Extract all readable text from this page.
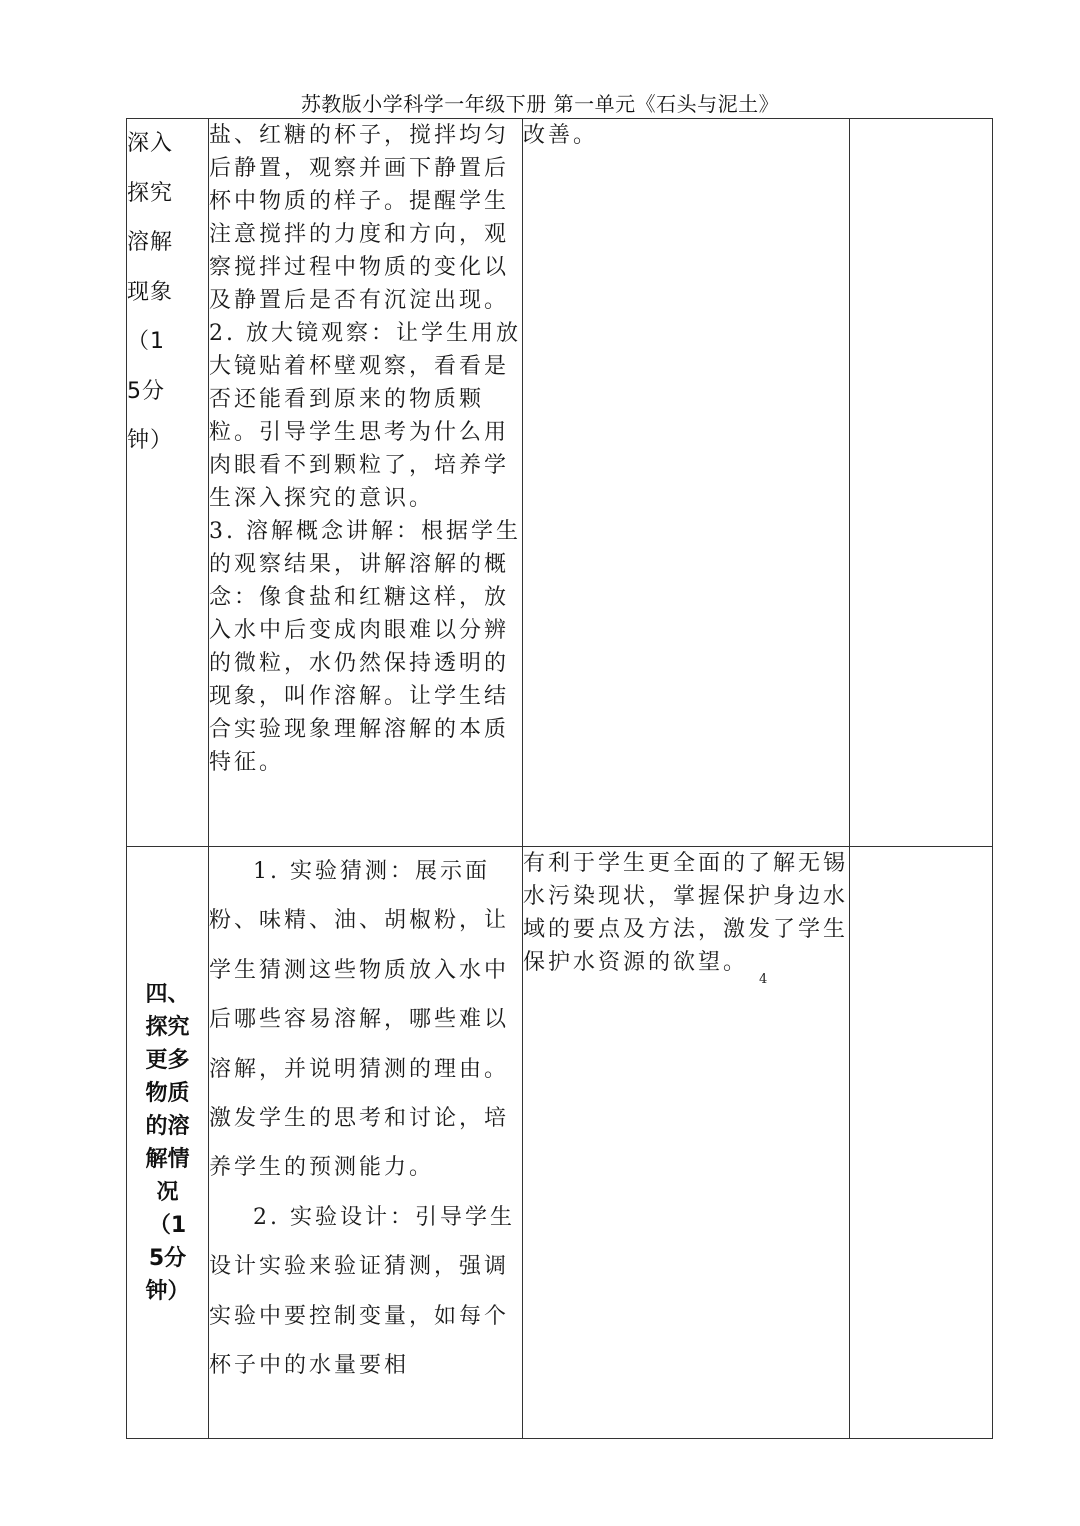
苏教版小学科学一年级下册 第一单元《石头与泥土》
深入探究溶解现象（15分钟）	盐、红糖的杯子，搅拌均匀后静置，观察并画下静置后杯中物质的样子。提醒学生注意搅拌的力度和方向，观察搅拌过程中物质的变化以及静置后是否有沉淀出现。

2. 放大镜观察：让学生用放大镜贴着杯壁观察，看看是否还能看到原来的物质颗粒。引导学生思考为什么用肉眼看不到颗粒了，培养学生深入探究的意识。

3. 溶解概念讲解：根据学生的观察结果，讲解溶解的概念：像食盐和红糖这样，放入水中后变成肉眼难以分辨的微粒，水仍然保持透明的现象，叫作溶解。让学生结合实验现象理解溶解的本质特征。	改善。	

四、探究更多物质的溶解情况（15分钟）	1. 实验猜测：展示面粉、味精、油、胡椒粉，让学生猜测这些物质放入水中后哪些容易溶解，哪些难以溶解，并说明猜测的理由。激发学生的思考和讨论，培养学生的预测能力。

2. 实验设计：引导学生设计实验来验证猜测，强调实验中要控制变量，如每个杯子中的水量要相	有利于学生更全面的了解无锡水污染现状，掌握保护身边水域的要点及方法，激发了学生保护水资源的欲望。	

4
